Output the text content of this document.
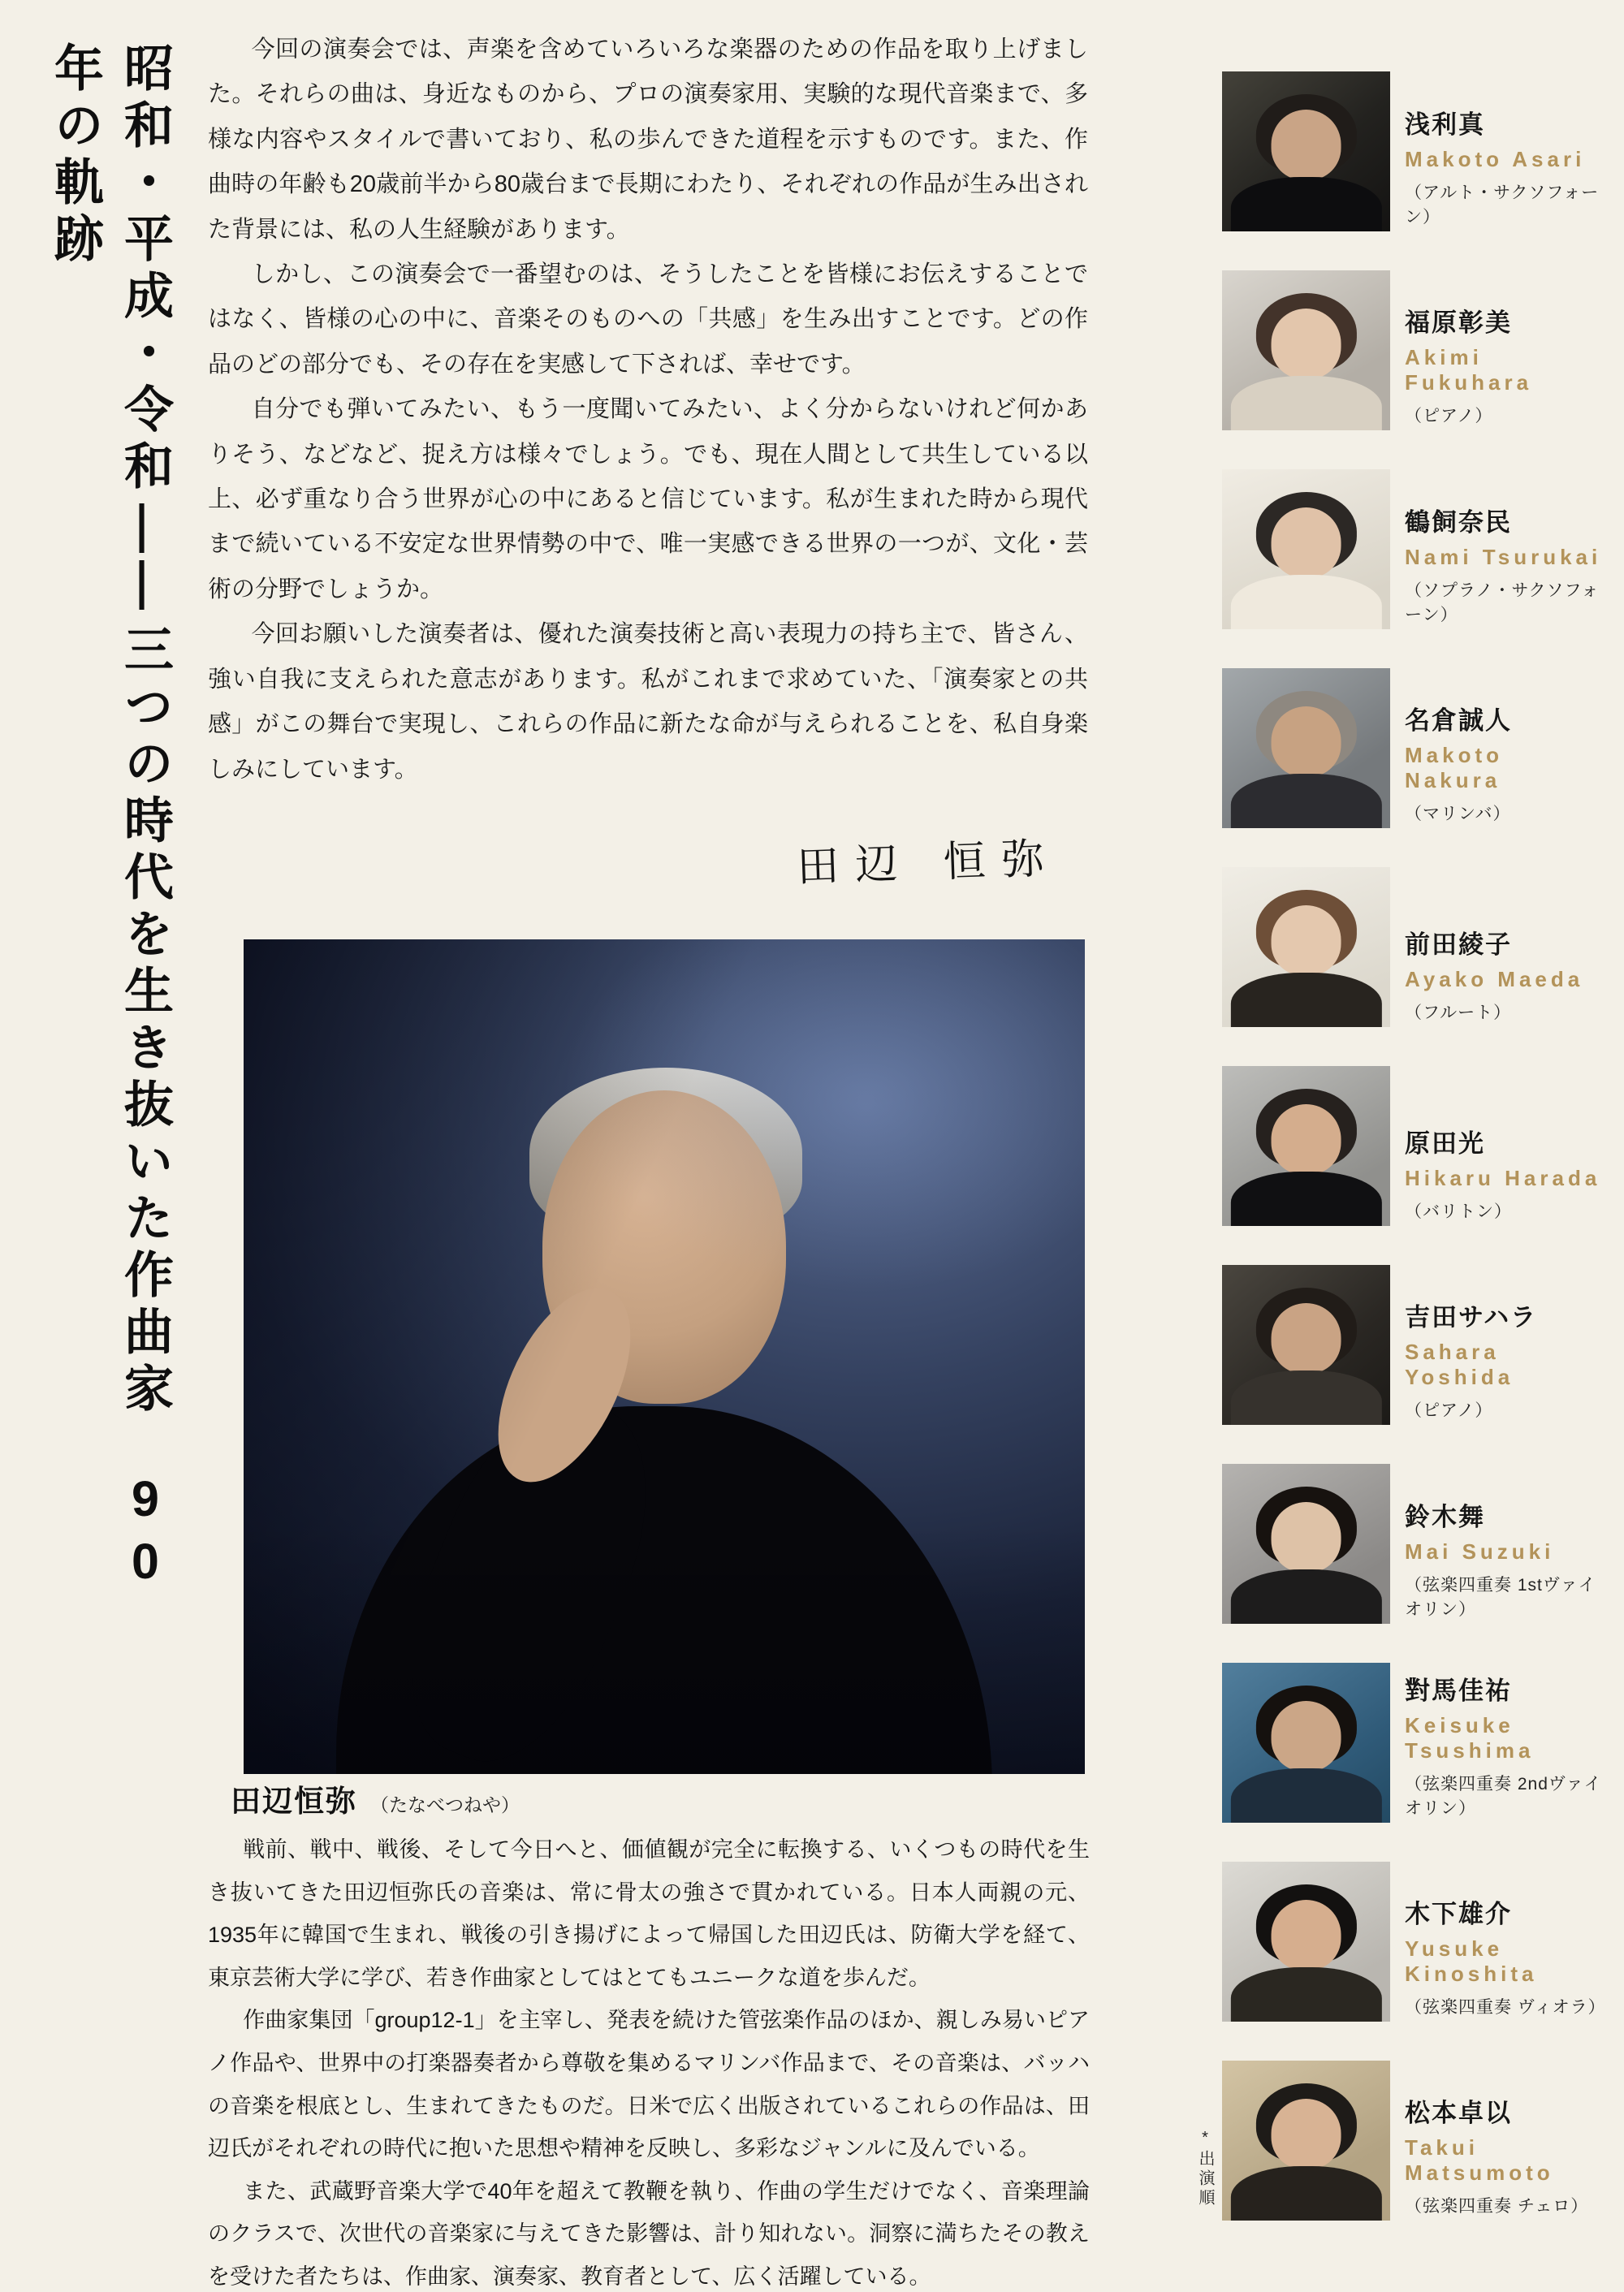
昭和・平成・令和――三つの時代を生き抜いた作曲家90年の軌跡	今回の演奏会では、声楽を含めていろいろな楽器のための作品を取り上げました。それらの曲は、身近なものから、プロの演奏家用、実験的な現代音楽まで、多様な内容やスタイルで書いており、私の歩んできた道程を示すものです。また、作曲時の年齢も20歳前半から80歳台まで長期にわたり、それぞれの作品が生み出された背景には、私の人生経験があります。

しかし、この演奏会で一番望むのは、そうしたことを皆様にお伝えすることではなく、皆様の心の中に、音楽そのものへの「共感」を生み出すことです。どの作品のどの部分でも、その存在を実感して下されば、幸せです。

自分でも弾いてみたい、もう一度聞いてみたい、よく分からないけれど何かありそう、などなど、捉え方は様々でしょう。でも、現在人間として共生している以上、必ず重なり合う世界が心の中にあると信じています。私が生まれた時から現代まで続いている不安定な世界情勢の中で、唯一実感できる世界の一つが、文化・芸術の分野でしょうか。

今回お願いした演奏者は、優れた演奏技術と高い表現力の持ち主で、皆さん、強い自我に支えられた意志があります。私がこれまで求めていた、「演奏家との共感」がこの舞台で実現し、これらの作品に新たな命が与えられることを、私自身楽しみにしています。

田辺 恒弥
田辺恒弥 （たなべつねや）

戦前、戦中、戦後、そして今日へと、価値観が完全に転換する、いくつもの時代を生き抜いてきた田辺恒弥氏の音楽は、常に骨太の強さで貫かれている。日本人両親の元、1935年に韓国で生まれ、戦後の引き揚げによって帰国した田辺氏は、防衛大学を経て、東京芸術大学に学び、若き作曲家としてはとてもユニークな道を歩んだ。

作曲家集団「group12-1」を主宰し、発表を続けた管弦楽作品のほか、親しみ易いピアノ作品や、世界中の打楽器奏者から尊敬を集めるマリンバ作品まで、その音楽は、バッハの音楽を根底とし、生まれてきたものだ。日米で広く出版されているこれらの作品は、田辺氏がそれぞれの時代に抱いた思想や精神を反映し、多彩なジャンルに及んでいる。

また、武蔵野音楽大学で40年を超えて教鞭を執り、作曲の学生だけでなく、音楽理論のクラスで、次世代の音楽家に与えてきた影響は、計り知れない。洞察に満ちたその教えを受けた者たちは、作曲家、演奏家、教育者として、広く活躍している。

浅利真
Makoto Asari
（アルト・サクソフォーン）
福原彰美
Akimi Fukuhara
（ピアノ）
鶴飼奈民
Nami Tsurukai
（ソプラノ・サクソフォーン）
名倉誠人
Makoto Nakura
（マリンバ）
前田綾子
Ayako Maeda
（フルート）
原田光
Hikaru Harada
（バリトン）
吉田サハラ
Sahara Yoshida
（ピアノ）
鈴木舞
Mai Suzuki
（弦楽四重奏 1stヴァイオリン）
對馬佳祐
Keisuke Tsushima
（弦楽四重奏 2ndヴァイオリン）
木下雄介
Yusuke Kinoshita
（弦楽四重奏 ヴィオラ）
松本卓以
Takui Matsumoto
（弦楽四重奏 チェロ）
*出演順
